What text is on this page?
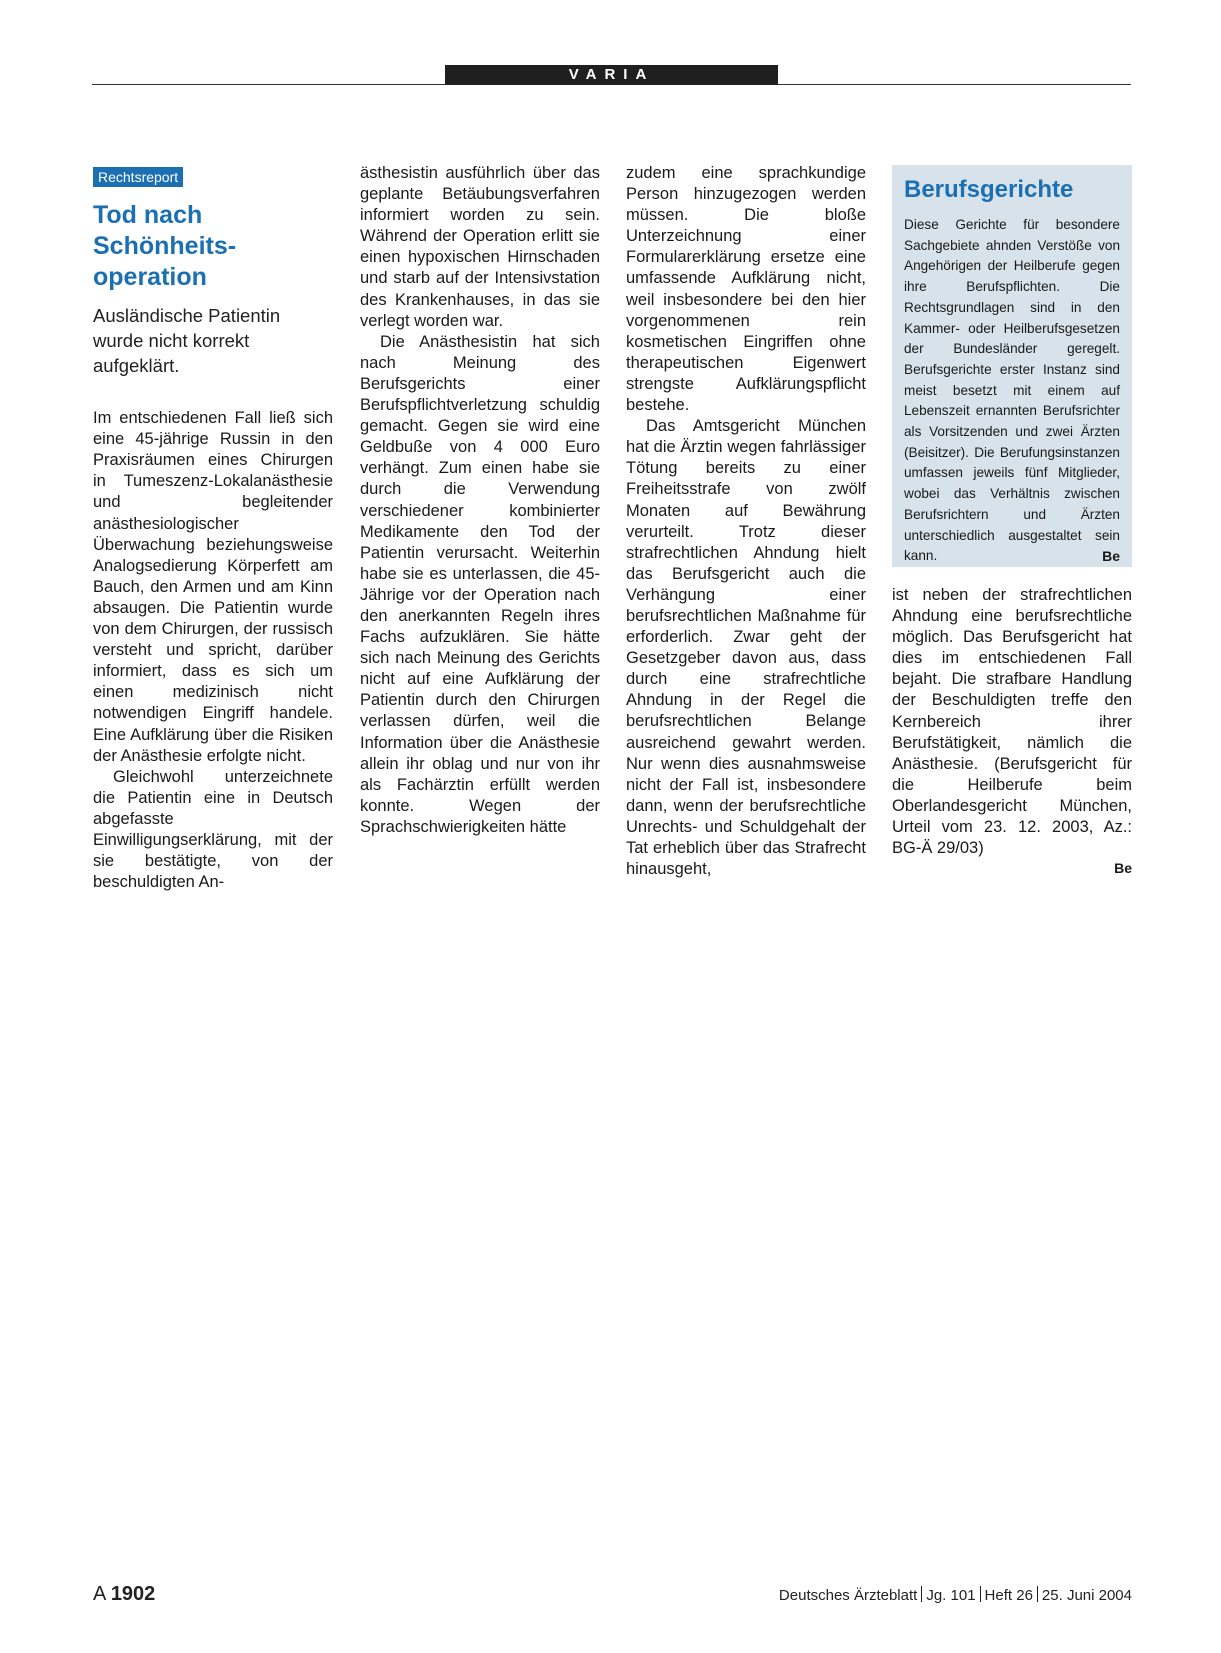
VARIA
Rechtsreport
Tod nach Schönheits-operation
Ausländische Patientin wurde nicht korrekt aufgeklärt.

Im entschiedenen Fall ließ sich eine 45-jährige Russin in den Praxisräumen eines Chirurgen in Tumeszenz-Lokalanästhesie und begleitender anästhesiologischer Überwachung beziehungsweise Analogsedierung Körperfett am Bauch, den Armen und am Kinn absaugen. Die Patientin wurde von dem Chirurgen, der russisch versteht und spricht, darüber informiert, dass es sich um einen medizinisch nicht notwendigen Eingriff handele. Eine Aufklärung über die Risiken der Anästhesie erfolgte nicht.

Gleichwohl unterzeichnete die Patientin eine in Deutsch abgefasste Einwilligungserklärung, mit der sie bestätigte, von der beschuldigten An-

ästhesistin ausführlich über das geplante Betäubungsverfahren informiert worden zu sein. Während der Operation erlitt sie einen hypoxischen Hirnschaden und starb auf der Intensivstation des Krankenhauses, in das sie verlegt worden war.

Die Anästhesistin hat sich nach Meinung des Berufsgerichts einer Berufspflichtverletzung schuldig gemacht. Gegen sie wird eine Geldbuße von 4 000 Euro verhängt. Zum einen habe sie durch die Verwendung verschiedener kombinierter Medikamente den Tod der Patientin verursacht. Weiterhin habe sie es unterlassen, die 45-Jährige vor der Operation nach den anerkannten Regeln ihres Fachs aufzuklären. Sie hätte sich nach Meinung des Gerichts nicht auf eine Aufklärung der Patientin durch den Chirurgen verlassen dürfen, weil die Information über die Anästhesie allein ihr oblag und nur von ihr als Fachärztin erfüllt werden konnte. Wegen der Sprachschwierigkeiten hätte

zudem eine sprachkundige Person hinzugezogen werden müssen. Die bloße Unterzeichnung einer Formularerklärung ersetze eine umfassende Aufklärung nicht, weil insbesondere bei den hier vorgenommenen rein kosmetischen Eingriffen ohne therapeutischen Eigenwert strengste Aufklärungspflicht bestehe.

Das Amtsgericht München hat die Ärztin wegen fahrlässiger Tötung bereits zu einer Freiheitsstrafe von zwölf Monaten auf Bewährung verurteilt. Trotz dieser strafrechtlichen Ahndung hielt das Berufsgericht auch die Verhängung einer berufsrechtlichen Maßnahme für erforderlich. Zwar geht der Gesetzgeber davon aus, dass durch eine strafrechtliche Ahndung in der Regel die berufsrechtlichen Belange ausreichend gewahrt werden. Nur wenn dies ausnahmsweise nicht der Fall ist, insbesondere dann, wenn der berufsrechtliche Unrechts- und Schuldgehalt der Tat erheblich über das Strafrecht hinausgeht,

Berufsgerichte

Diese Gerichte für besondere Sachgebiete ahnden Verstöße von Angehörigen der Heilberufe gegen ihre Berufspflichten. Die Rechtsgrundlagen sind in den Kammer- oder Heilberufsgesetzen der Bundesländer geregelt. Berufsgerichte erster Instanz sind meist besetzt mit einem auf Lebenszeit ernannten Berufsrichter als Vorsitzenden und zwei Ärzten (Beisitzer). Die Berufungsinstanzen umfassen jeweils fünf Mitglieder, wobei das Verhältnis zwischen Berufsrichtern und Ärzten unterschiedlich ausgestaltet sein kann.	Be

ist neben der strafrechtlichen Ahndung eine berufsrechtliche möglich. Das Berufsgericht hat dies im entschiedenen Fall bejaht. Die strafbare Handlung der Beschuldigten treffe den Kernbereich ihrer Berufstätigkeit, nämlich die Anästhesie. (Berufsgericht für die Heilberufe beim Oberlandesgericht München, Urteil vom 23. 12. 2003, Az.: BG-Ä 29/03)

Be
A 1902	Deutsches Ärzteblatt Jg. 101 Heft 26 25. Juni 2004
